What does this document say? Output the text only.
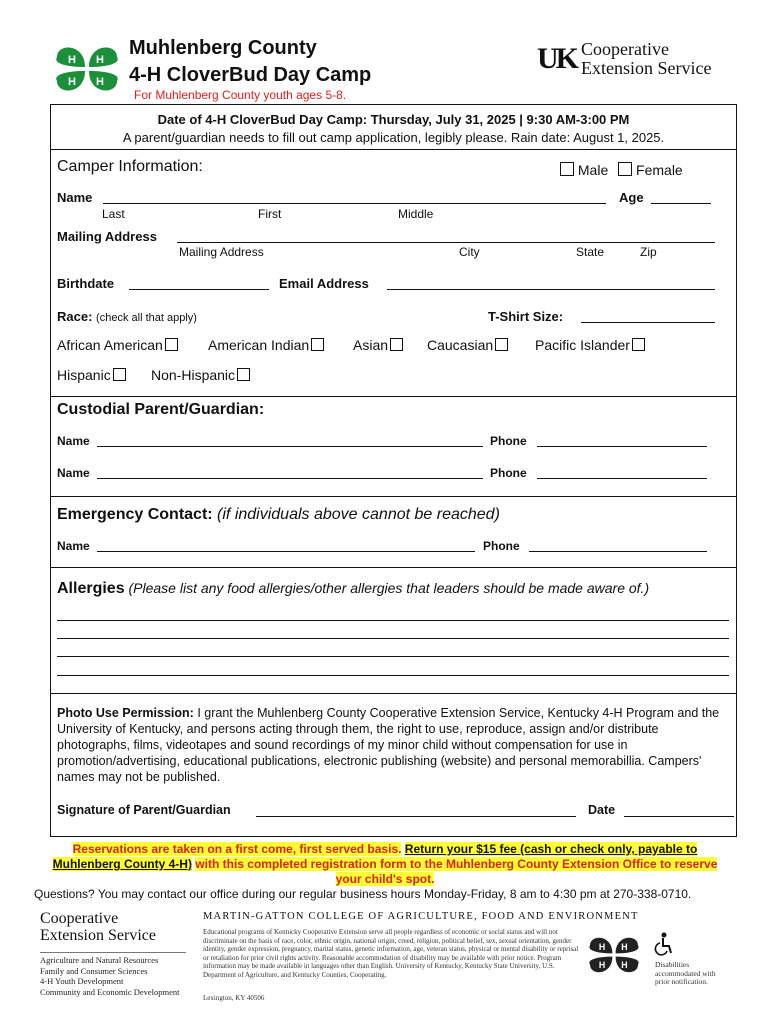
H H
H H
Muhlenberg County
4-H CloverBud Day Camp
For Muhlenberg County youth ages 5-8.
UK Cooperative
Extension Service
Date of 4-H CloverBud Day Camp: Thursday, July 31, 2025 | 9:30 AM-3:00 PM
A parent/guardian needs to fill out camp application, legibly please. Rain date: August 1, 2025.
Camper Information:	Male Female
Name	Age
Last	First	Middle
Mailing Address
Mailing Address	City	State	Zip
Birthdate	Email Address
Race: (check all that apply)	T-Shirt Size:
African American	American Indian	Asian	Caucasian	Pacific Islander
Hispanic	Non-Hispanic
Custodial Parent/Guardian:
Name	Phone
Name	Phone
Emergency Contact: (if individuals above cannot be reached)
Name	Phone
Allergies (Please list any food allergies/other allergies that leaders should be made aware of.)
Photo Use Permission: I grant the Muhlenberg County Cooperative Extension Service, Kentucky 4-H Program and the University of Kentucky, and persons acting through them, the right to use, reproduce, assign and/or distribute photographs, films, videotapes and sound recordings of my minor child without compensation for use in promotion/advertising, educational publications, electronic publishing (website) and personal memorabillia. Campers' names may not be published.
Signature of Parent/Guardian	Date
Reservations are taken on a first come, first served basis. Return your $15 fee (cash or check only, payable to Muhlenberg County 4-H) with this completed registration form to the Muhlenberg County Extension Office to reserve your child's spot.
Questions? You may contact our office during our regular business hours Monday-Friday, 8 am to 4:30 pm at 270-338-0710.
Cooperative
Extension Service
Agriculture and Natural Resources
Family and Consumer Sciences
4-H Youth Development
Community and Economic Development
MARTIN-GATTON COLLEGE OF AGRICULTURE, FOOD AND ENVIRONMENT
Educational programs of Kentucky Cooperative Extension serve all people regardless of economic or social status and will not discriminate on the basis of race, color, ethnic origin, national origin, creed, religion, political belief, sex, sexual orientation, gender identity, gender expression, pregnancy, marital status, genetic information, age, veteran status, physical or mental disability or reprisal or retaliation for prior civil rights activity. Reasonable accommodation of disability may be available with prior notice. Program information may be made available in languages other than English. University of Kentucky, Kentucky State University, U.S. Department of Agriculture, and Kentucky Counties, Cooperating.
Lexington, KY 40506
H H
H H	Disabilities accommodated with prior notification.
